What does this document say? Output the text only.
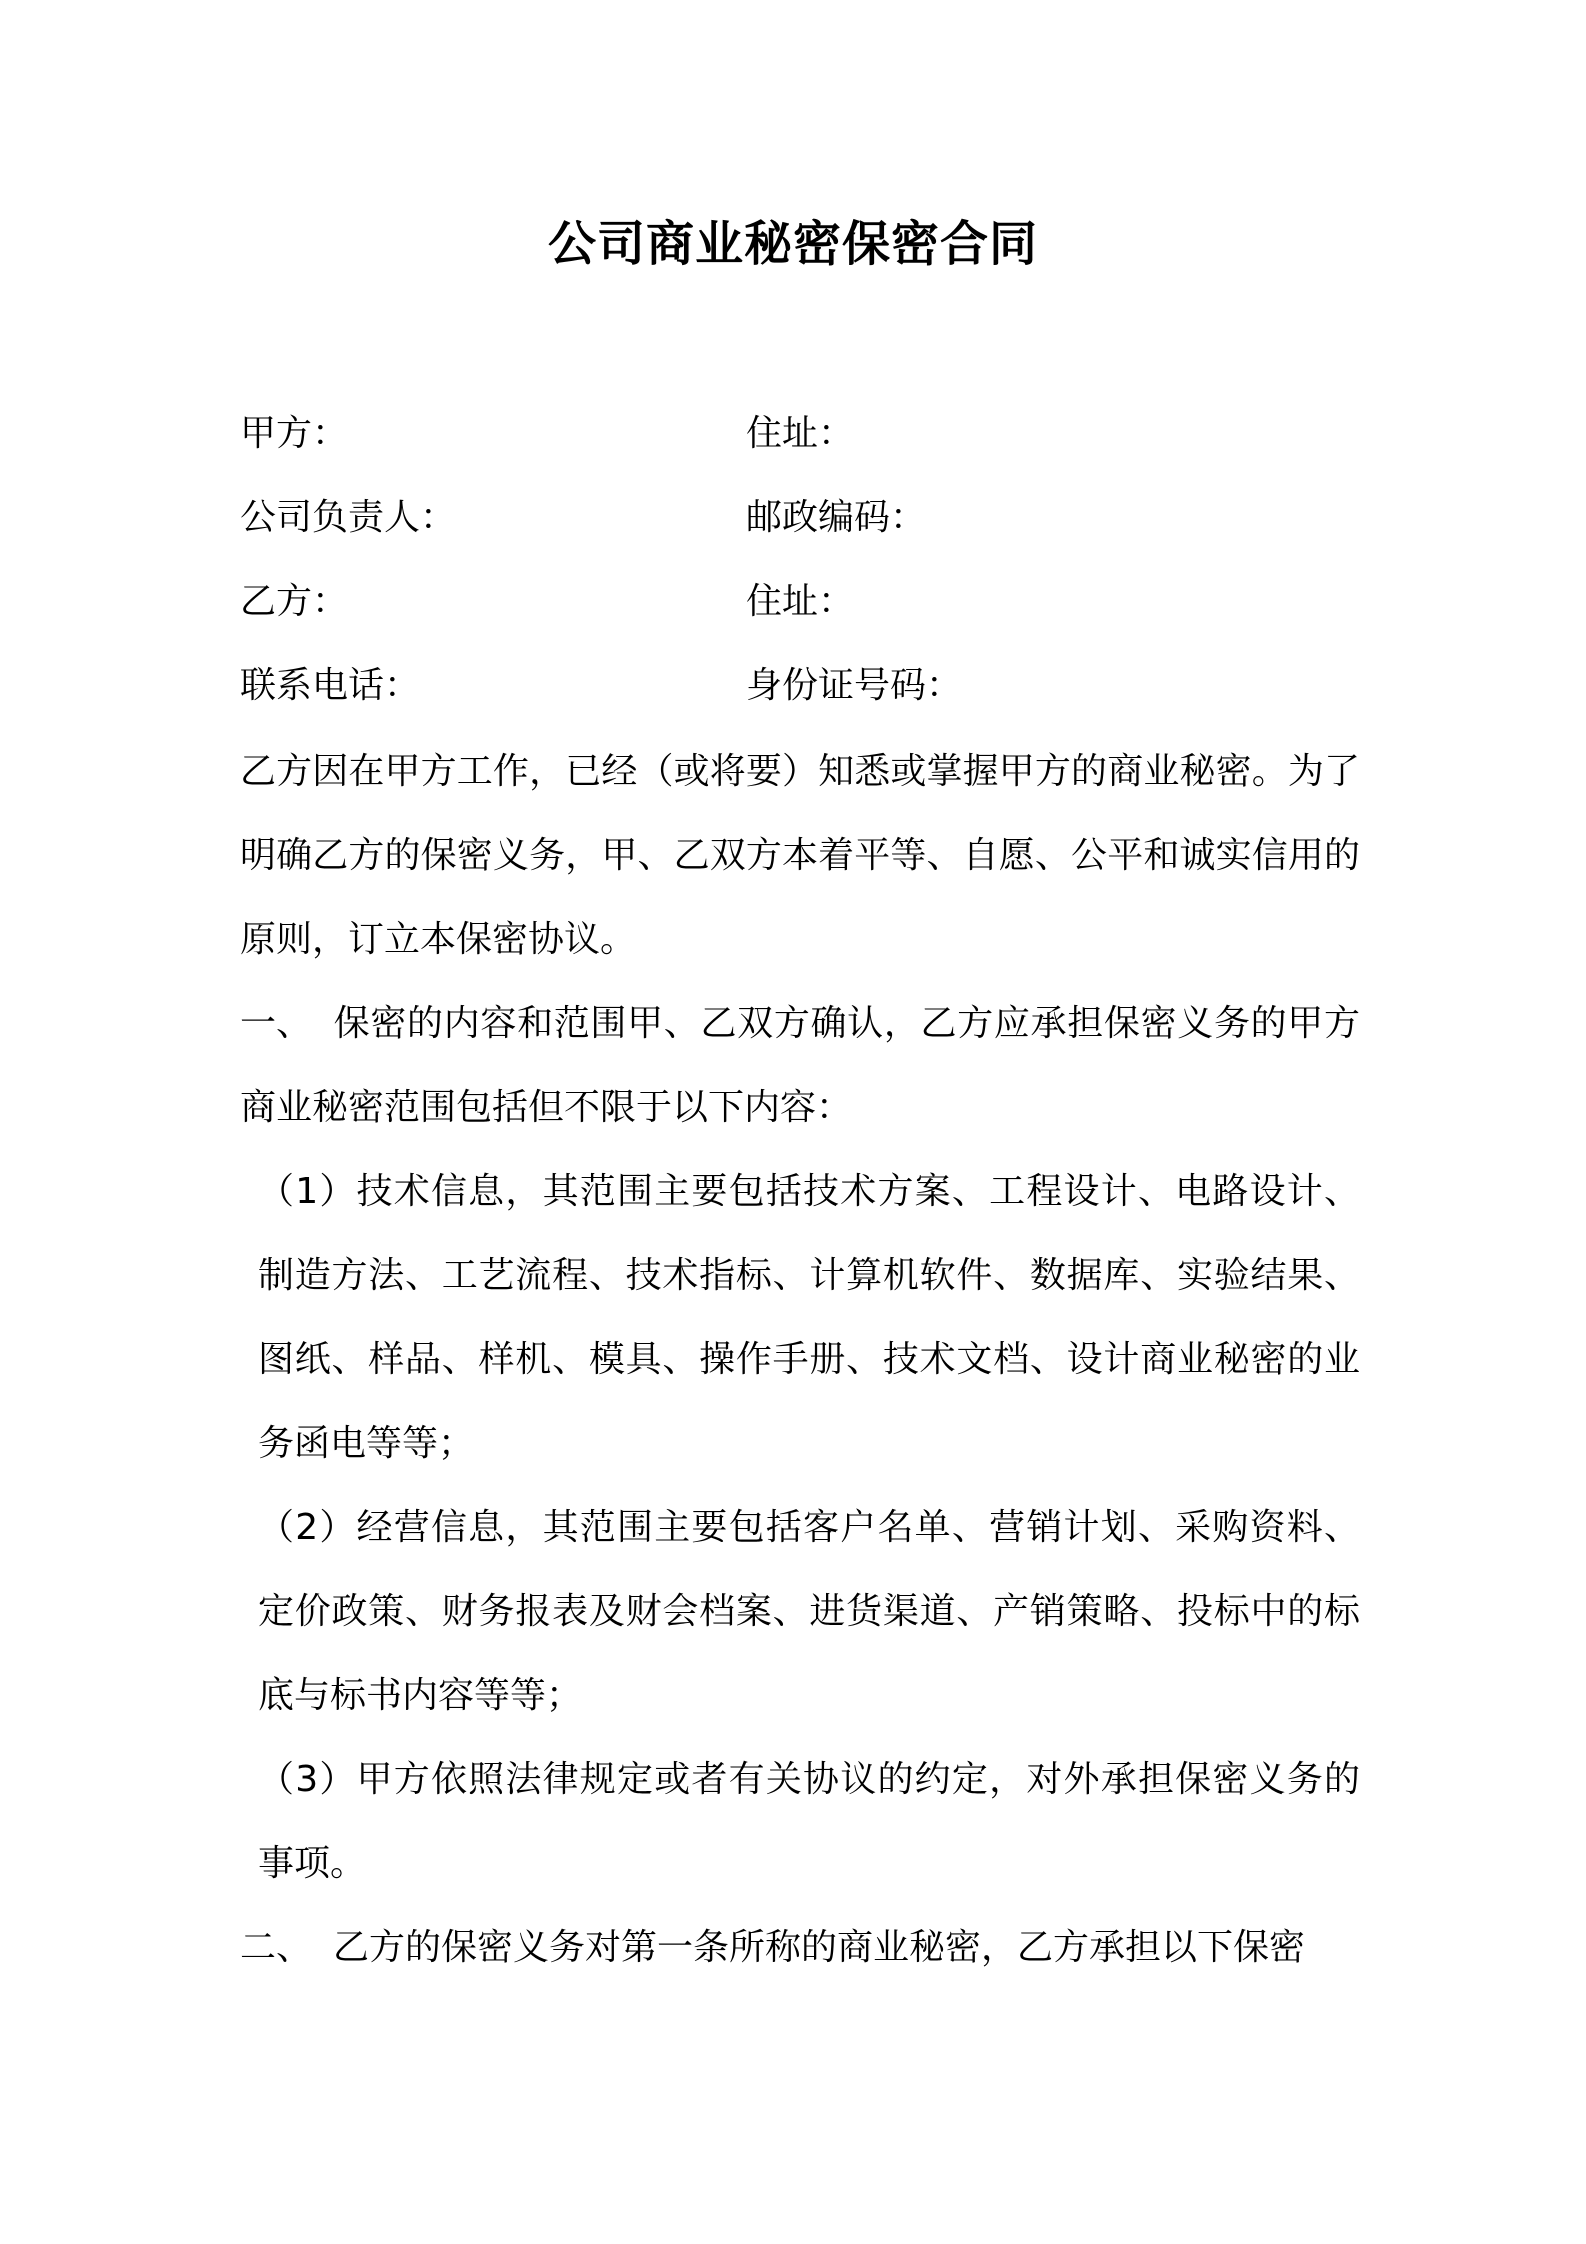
公司商业秘密保密合同
甲方：	住址：
公司负责人：	邮政编码：
乙方：	住址：
联系电话：	身份证号码：

乙方因在甲方工作，已经（或将要）知悉或掌握甲方的商业秘密。为了明确乙方的保密义务，甲、乙双方本着平等、自愿、公平和诚实信用的原则，订立本保密协议。

一、 保密的内容和范围甲、乙双方确认，乙方应承担保密义务的甲方商业秘密范围包括但不限于以下内容：

（1）技术信息，其范围主要包括技术方案、工程设计、电路设计、制造方法、工艺流程、技术指标、计算机软件、数据库、实验结果、图纸、样品、样机、模具、操作手册、技术文档、设计商业秘密的业务函电等等；

（2）经营信息，其范围主要包括客户名单、营销计划、采购资料、定价政策、财务报表及财会档案、进货渠道、产销策略、投标中的标底与标书内容等等；

（3）甲方依照法律规定或者有关协议的约定，对外承担保密义务的事项。

二、 乙方的保密义务对第一条所称的商业秘密，乙方承担以下保密
